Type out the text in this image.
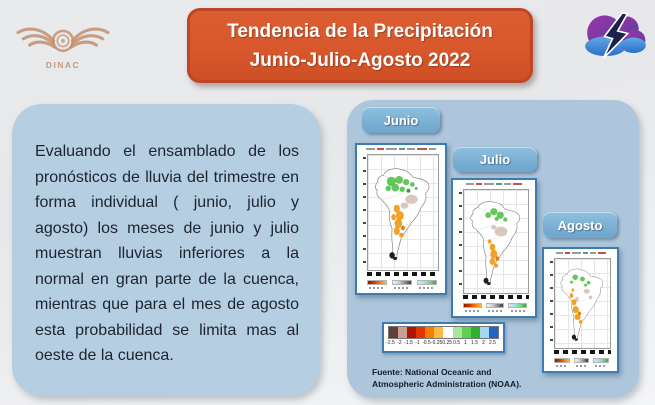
DINAC
Tendencia de la Precipitación
Junio-Julio-Agosto 2022

Evaluando el ensamblado de los pronósticos de lluvia del trimestre en forma individual ( junio, julio y agosto) los meses de junio y julio muestran lluvias inferiores a la normal en gran parte de la cuenca, mientras que para el mes de agosto esta probabilidad se limita mas al oeste de la cuenca.

Junio
Julio
Agosto
-2.5 -2 -1.5 -1 -0.5 -0.25 0.25 0.5 1 1.5 2 2.5
Fuente: National Oceanic and
Atmospheric Administration (NOAA).
